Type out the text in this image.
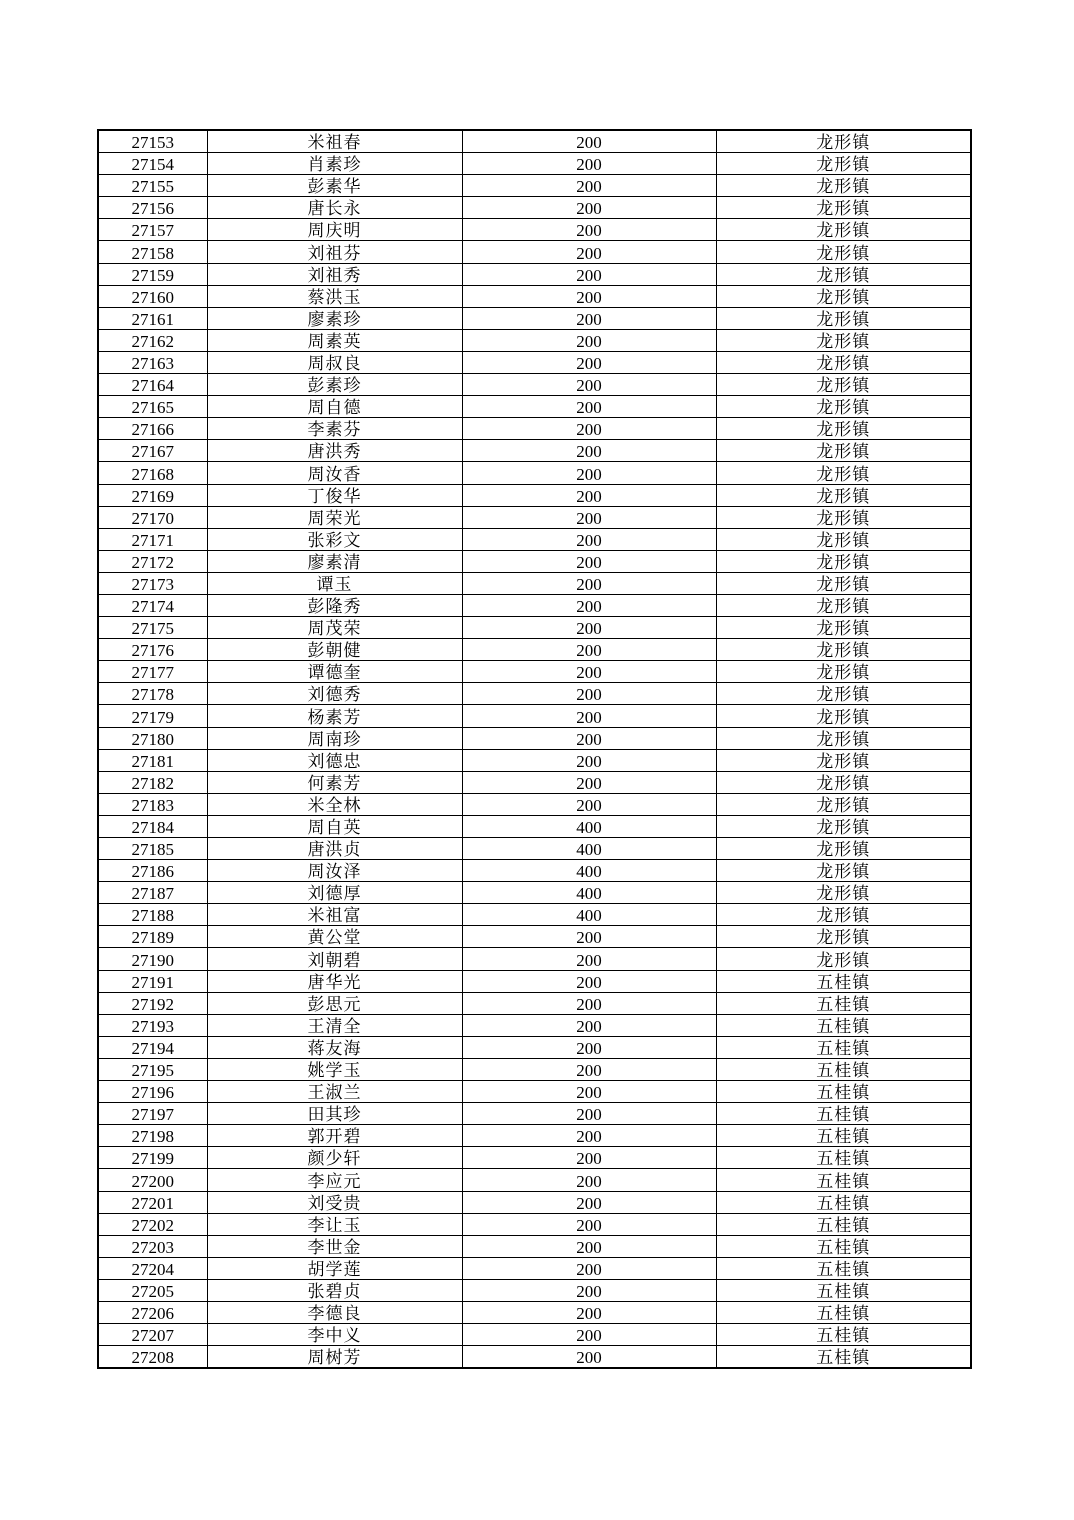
27153	米祖春	200	龙形镇
27154	肖素珍	200	龙形镇
27155	彭素华	200	龙形镇
27156	唐长永	200	龙形镇
27157	周庆明	200	龙形镇
27158	刘祖芬	200	龙形镇
27159	刘祖秀	200	龙形镇
27160	蔡洪玉	200	龙形镇
27161	廖素珍	200	龙形镇
27162	周素英	200	龙形镇
27163	周叔良	200	龙形镇
27164	彭素珍	200	龙形镇
27165	周自德	200	龙形镇
27166	李素芬	200	龙形镇
27167	唐洪秀	200	龙形镇
27168	周汝香	200	龙形镇
27169	丁俊华	200	龙形镇
27170	周荣光	200	龙形镇
27171	张彩文	200	龙形镇
27172	廖素清	200	龙形镇
27173	谭玉	200	龙形镇
27174	彭隆秀	200	龙形镇
27175	周茂荣	200	龙形镇
27176	彭朝健	200	龙形镇
27177	谭德奎	200	龙形镇
27178	刘德秀	200	龙形镇
27179	杨素芳	200	龙形镇
27180	周南珍	200	龙形镇
27181	刘德忠	200	龙形镇
27182	何素芳	200	龙形镇
27183	米全林	200	龙形镇
27184	周自英	400	龙形镇
27185	唐洪贞	400	龙形镇
27186	周汝泽	400	龙形镇
27187	刘德厚	400	龙形镇
27188	米祖富	400	龙形镇
27189	黄公堂	200	龙形镇
27190	刘朝碧	200	龙形镇
27191	唐华光	200	五桂镇
27192	彭思元	200	五桂镇
27193	王清全	200	五桂镇
27194	蒋友海	200	五桂镇
27195	姚学玉	200	五桂镇
27196	王淑兰	200	五桂镇
27197	田其珍	200	五桂镇
27198	郭开碧	200	五桂镇
27199	颜少轩	200	五桂镇
27200	李应元	200	五桂镇
27201	刘受贵	200	五桂镇
27202	李让玉	200	五桂镇
27203	李世金	200	五桂镇
27204	胡学莲	200	五桂镇
27205	张碧贞	200	五桂镇
27206	李德良	200	五桂镇
27207	李中义	200	五桂镇
27208	周树芳	200	五桂镇
